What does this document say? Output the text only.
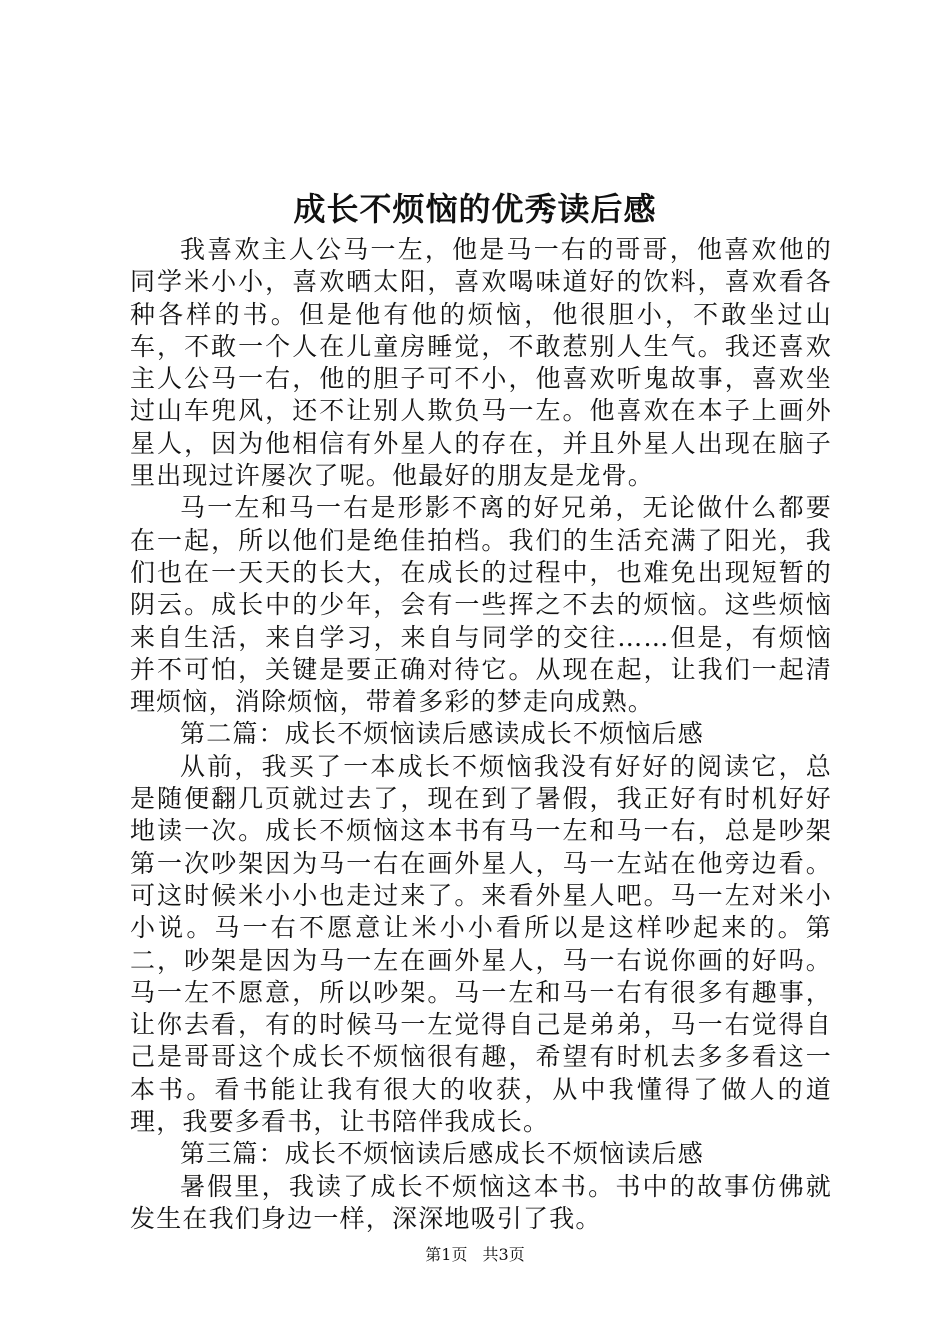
成长不烦恼的优秀读后感

我喜欢主人公马一左，他是马一右的哥哥，他喜欢他的同学米小小，喜欢晒太阳，喜欢喝味道好的饮料，喜欢看各种各样的书。但是他有他的烦恼，他很胆小，不敢坐过山车，不敢一个人在儿童房睡觉，不敢惹别人生气。我还喜欢主人公马一右，他的胆子可不小，他喜欢听鬼故事，喜欢坐过山车兜风，还不让别人欺负马一左。他喜欢在本子上画外星人，因为他相信有外星人的存在，并且外星人出现在脑子里出现过许屡次了呢。他最好的朋友是龙骨。

马一左和马一右是形影不离的好兄弟，无论做什么都要在一起，所以他们是绝佳拍档。我们的生活充满了阳光，我们也在一天天的长大，在成长的过程中，也难免出现短暂的阴云。成长中的少年，会有一些挥之不去的烦恼。这些烦恼来自生活，来自学习，来自与同学的交往……但是，有烦恼并不可怕，关键是要正确对待它。从现在起，让我们一起清理烦恼，消除烦恼，带着多彩的梦走向成熟。

第二篇：成长不烦恼读后感读成长不烦恼后感

从前，我买了一本成长不烦恼我没有好好的阅读它，总是随便翻几页就过去了，现在到了暑假，我正好有时机好好地读一次。成长不烦恼这本书有马一左和马一右，总是吵架第一次吵架因为马一右在画外星人，马一左站在他旁边看。可这时候米小小也走过来了。来看外星人吧。马一左对米小小说。马一右不愿意让米小小看所以是这样吵起来的。第二，吵架是因为马一左在画外星人，马一右说你画的好吗。马一左不愿意，所以吵架。马一左和马一右有很多有趣事，让你去看，有的时候马一左觉得自己是弟弟，马一右觉得自己是哥哥这个成长不烦恼很有趣，希望有时机去多多看这一本书。看书能让我有很大的收获，从中我懂得了做人的道理，我要多看书，让书陪伴我成长。

第三篇：成长不烦恼读后感成长不烦恼读后感

暑假里，我读了成长不烦恼这本书。书中的故事仿佛就发生在我们身边一样，深深地吸引了我。

第1页 共3页
